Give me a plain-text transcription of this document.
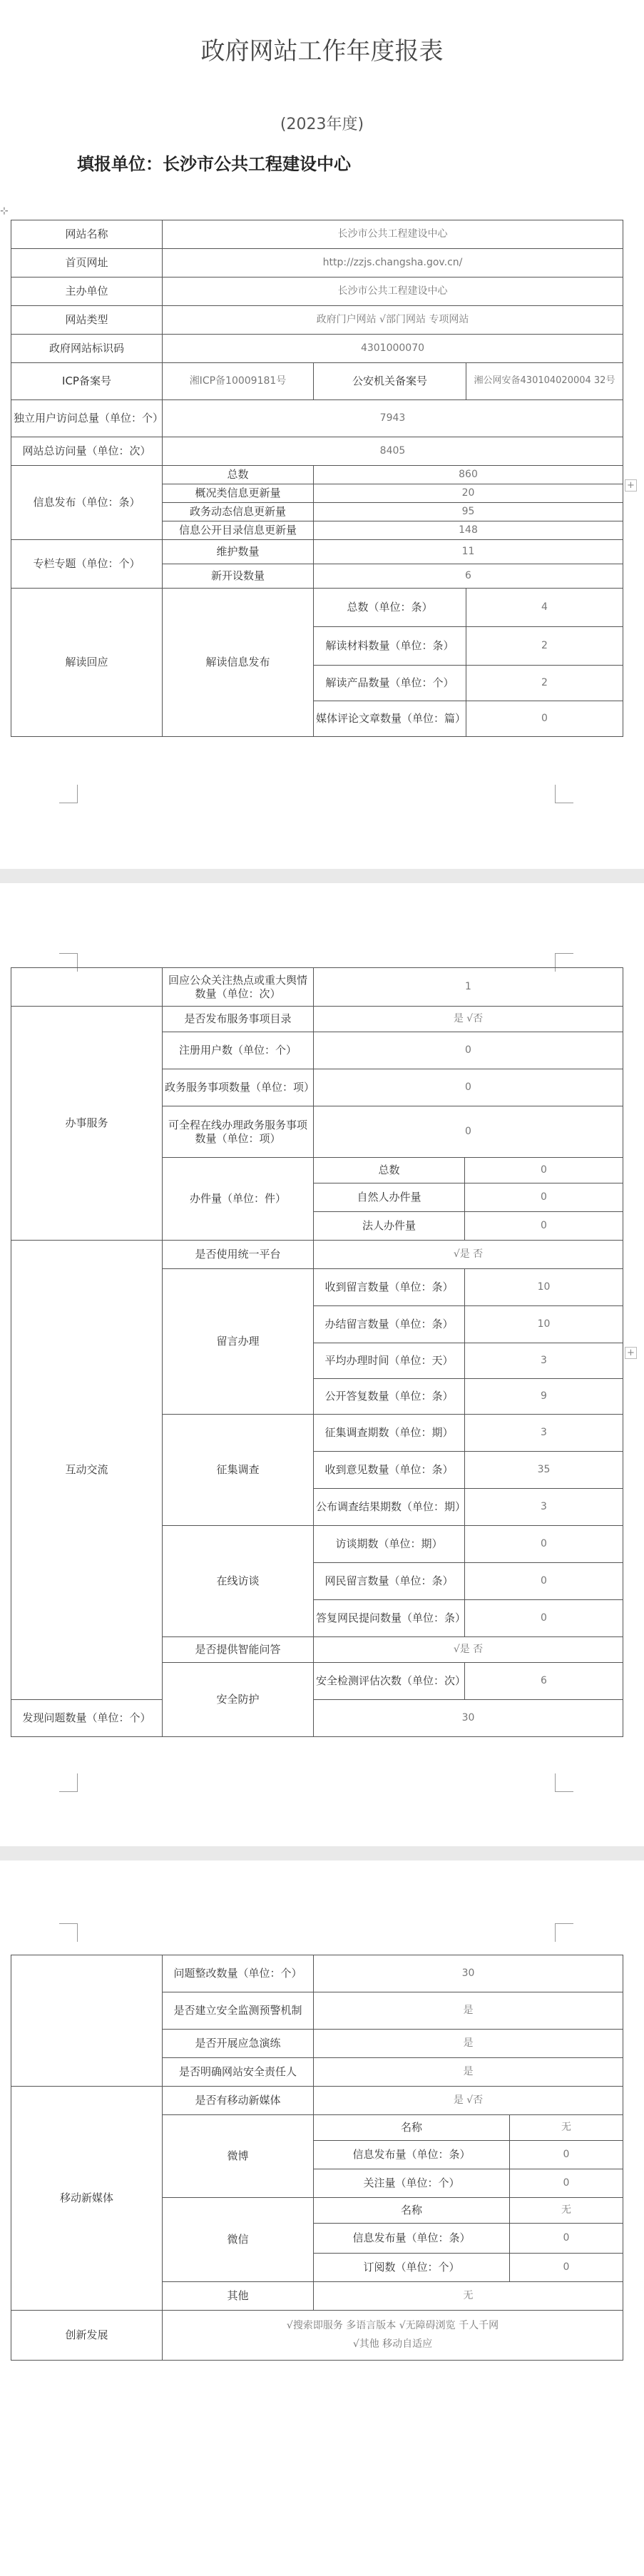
政府网站工作年度报表
(2023年度)
填报单位：长沙市公共工程建设中心
⊹
网站名称	长沙市公共工程建设中心		
首页网址	http://zzjs.changsha.gov.cn/		
主办单位	长沙市公共工程建设中心		
网站类型	政府门户网站 √部门网站 专项网站		
政府网站标识码	4301000070		
ICP备案号	湘ICP备10009181号	公安机关备案号	湘公网安备430104020004 32号
独立用户访问总量（单位：个）	7943		
网站总访问量（单位：次）	8405		
信息发布（单位：条）	总数	860	
	概况类信息更新量	20	
	政务动态信息更新量	95	
	信息公开目录信息更新量	148	
专栏专题（单位：个）	维护数量	11	
	新开设数量	6	
解读回应	解读信息发布	总数（单位：条）	4
		解读材料数量（单位：条）	2
		解读产品数量（单位：个）	2
		媒体评论文章数量（单位：篇）	0
+
	回应公众关注热点或重大舆情数量（单位：次）	1	
办事服务	是否发布服务事项目录	是 √否	
	注册用户数（单位：个）	0	
	政务服务事项数量（单位：项）	0	
	可全程在线办理政务服务事项数量（单位：项）	0	
	办件量（单位：件）	总数	0
		自然人办件量	0
		法人办件量	0
互动交流	是否使用统一平台	√是 否	
	留言办理	收到留言数量（单位：条）	10
		办结留言数量（单位：条）	10
		平均办理时间（单位：天）	3
		公开答复数量（单位：条）	9
	征集调查	征集调查期数（单位：期）	3
		收到意见数量（单位：条）	35
		公布调查结果期数（单位：期）	3
	在线访谈	访谈期数（单位：期）	0
		网民留言数量（单位：条）	0
		答复网民提问数量（单位：条）	0
	是否提供智能问答	√是 否	
	安全防护	安全检测评估次数（单位：次）	6
发现问题数量（单位：个）		30	
+
	问题整改数量（单位：个）	30	
	是否建立安全监测预警机制	是	
	是否开展应急演练	是	
	是否明确网站安全责任人	是	
移动新媒体	是否有移动新媒体	是 √否	
	微博	名称	无
		信息发布量（单位：条）	0
		关注量（单位：个）	0
	微信	名称	无
		信息发布量（单位：条）	0
		订阅数（单位：个）	0
	其他	无	
创新发展	√搜索即服务 多语言版本 √无障碍浏览 千人千网
√其他 移动自适应		
